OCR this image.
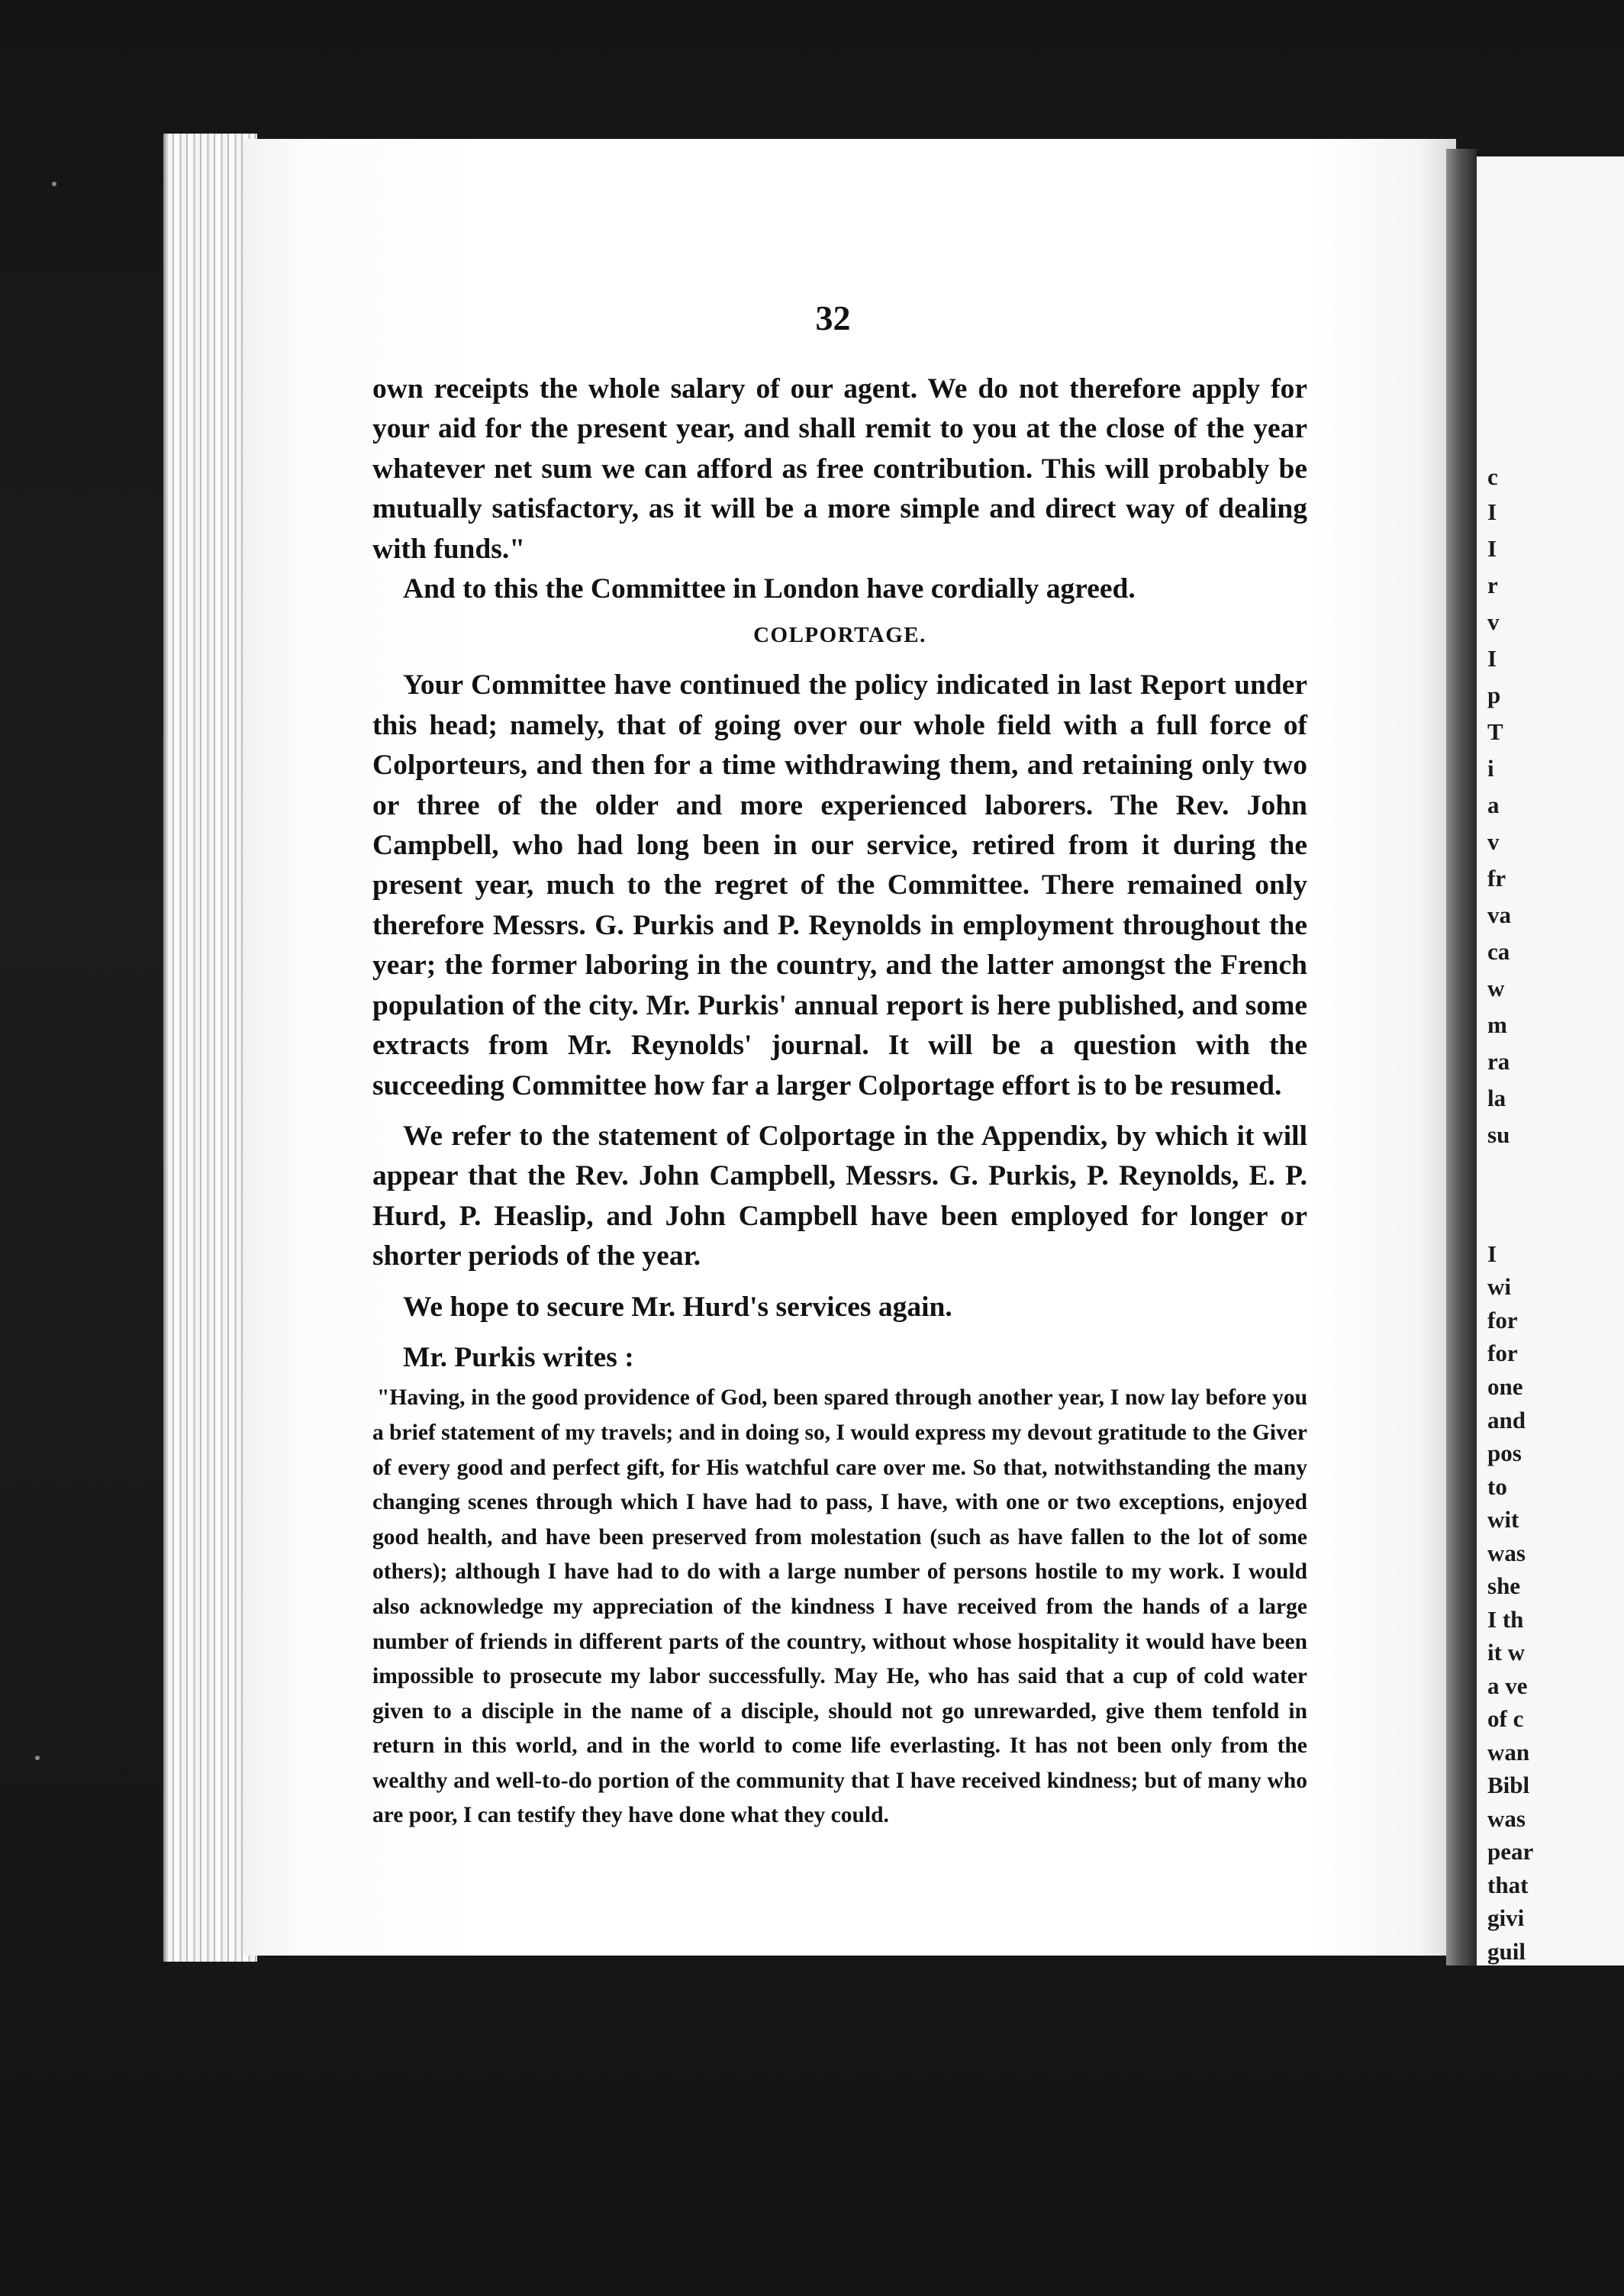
c
I
I
r
v
I
p
T
i
a
v
fr
va
ca
w
m
ra
la
su
I
wi
for
for
one
and
pos
to
wit
was
she
I th
it w
a ve
of c
wan
Bibl
was
pear
that
givi
guil
32

own receipts the whole salary of our agent. We do not therefore apply for your aid for the present year, and shall remit to you at the close of the year whatever net sum we can afford as free contribution. This will probably be mutually satisfactory, as it will be a more simple and direct way of dealing with funds."

And to this the Committee in London have cordially agreed.

COLPORTAGE.

Your Committee have continued the policy indicated in last Report under this head; namely, that of going over our whole field with a full force of Colporteurs, and then for a time withdrawing them, and retaining only two or three of the older and more experienced laborers. The Rev. John Campbell, who had long been in our service, retired from it during the present year, much to the regret of the Committee. There remained only therefore Messrs. G. Purkis and P. Reynolds in employment throughout the year; the former laboring in the country, and the latter amongst the French population of the city. Mr. Purkis' annual report is here published, and some extracts from Mr. Reynolds' journal. It will be a question with the succeeding Committee how far a larger Colportage effort is to be resumed.

We refer to the statement of Colportage in the Appendix, by which it will appear that the Rev. John Campbell, Messrs. G. Purkis, P. Reynolds, E. P. Hurd, P. Heaslip, and John Campbell have been employed for longer or shorter periods of the year.

We hope to secure Mr. Hurd's services again.

Mr. Purkis writes :

"Having, in the good providence of God, been spared through another year, I now lay before you a brief statement of my travels; and in doing so, I would express my devout gratitude to the Giver of every good and perfect gift, for His watchful care over me. So that, notwithstanding the many changing scenes through which I have had to pass, I have, with one or two exceptions, enjoyed good health, and have been preserved from molestation (such as have fallen to the lot of some others); although I have had to do with a large number of persons hostile to my work. I would also acknowledge my appreciation of the kindness I have received from the hands of a large number of friends in different parts of the country, without whose hospitality it would have been impossible to prosecute my labor successfully. May He, who has said that a cup of cold water given to a disciple in the name of a disciple, should not go unrewarded, give them tenfold in return in this world, and in the world to come life everlasting. It has not been only from the wealthy and well-to-do portion of the community that I have received kindness; but of many who are poor, I can testify they have done what they could.
